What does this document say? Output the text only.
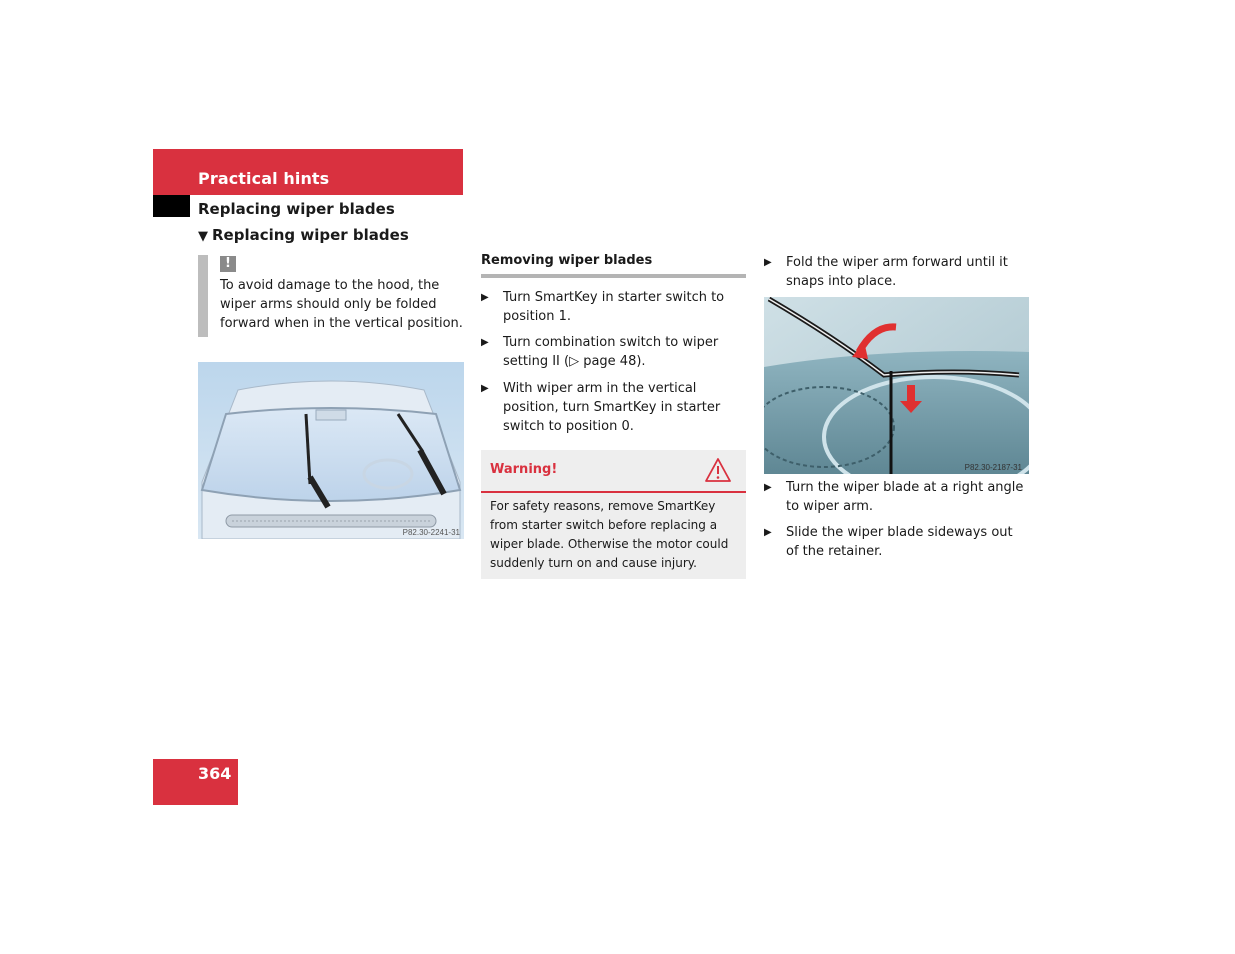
Practical hints
Replacing wiper blades
▼ Replacing wiper blades
!
To avoid damage to the hood, the wiper arms should only be folded forward when in the vertical position.
P82.30-2241-31
Removing wiper blades
▶ Turn SmartKey in starter switch to position 1.
▶ Turn combination switch to wiper setting II (▷ page 48).
▶ With wiper arm in the vertical position, turn SmartKey in starter switch to position 0.
Warning!
For safety reasons, remove SmartKey from starter switch before replacing a wiper blade. Otherwise the motor could suddenly turn on and cause injury.
▶ Fold the wiper arm forward until it snaps into place.
P82.30-2187-31
▶ Turn the wiper blade at a right angle to wiper arm.
▶ Slide the wiper blade sideways out of the retainer.
364
